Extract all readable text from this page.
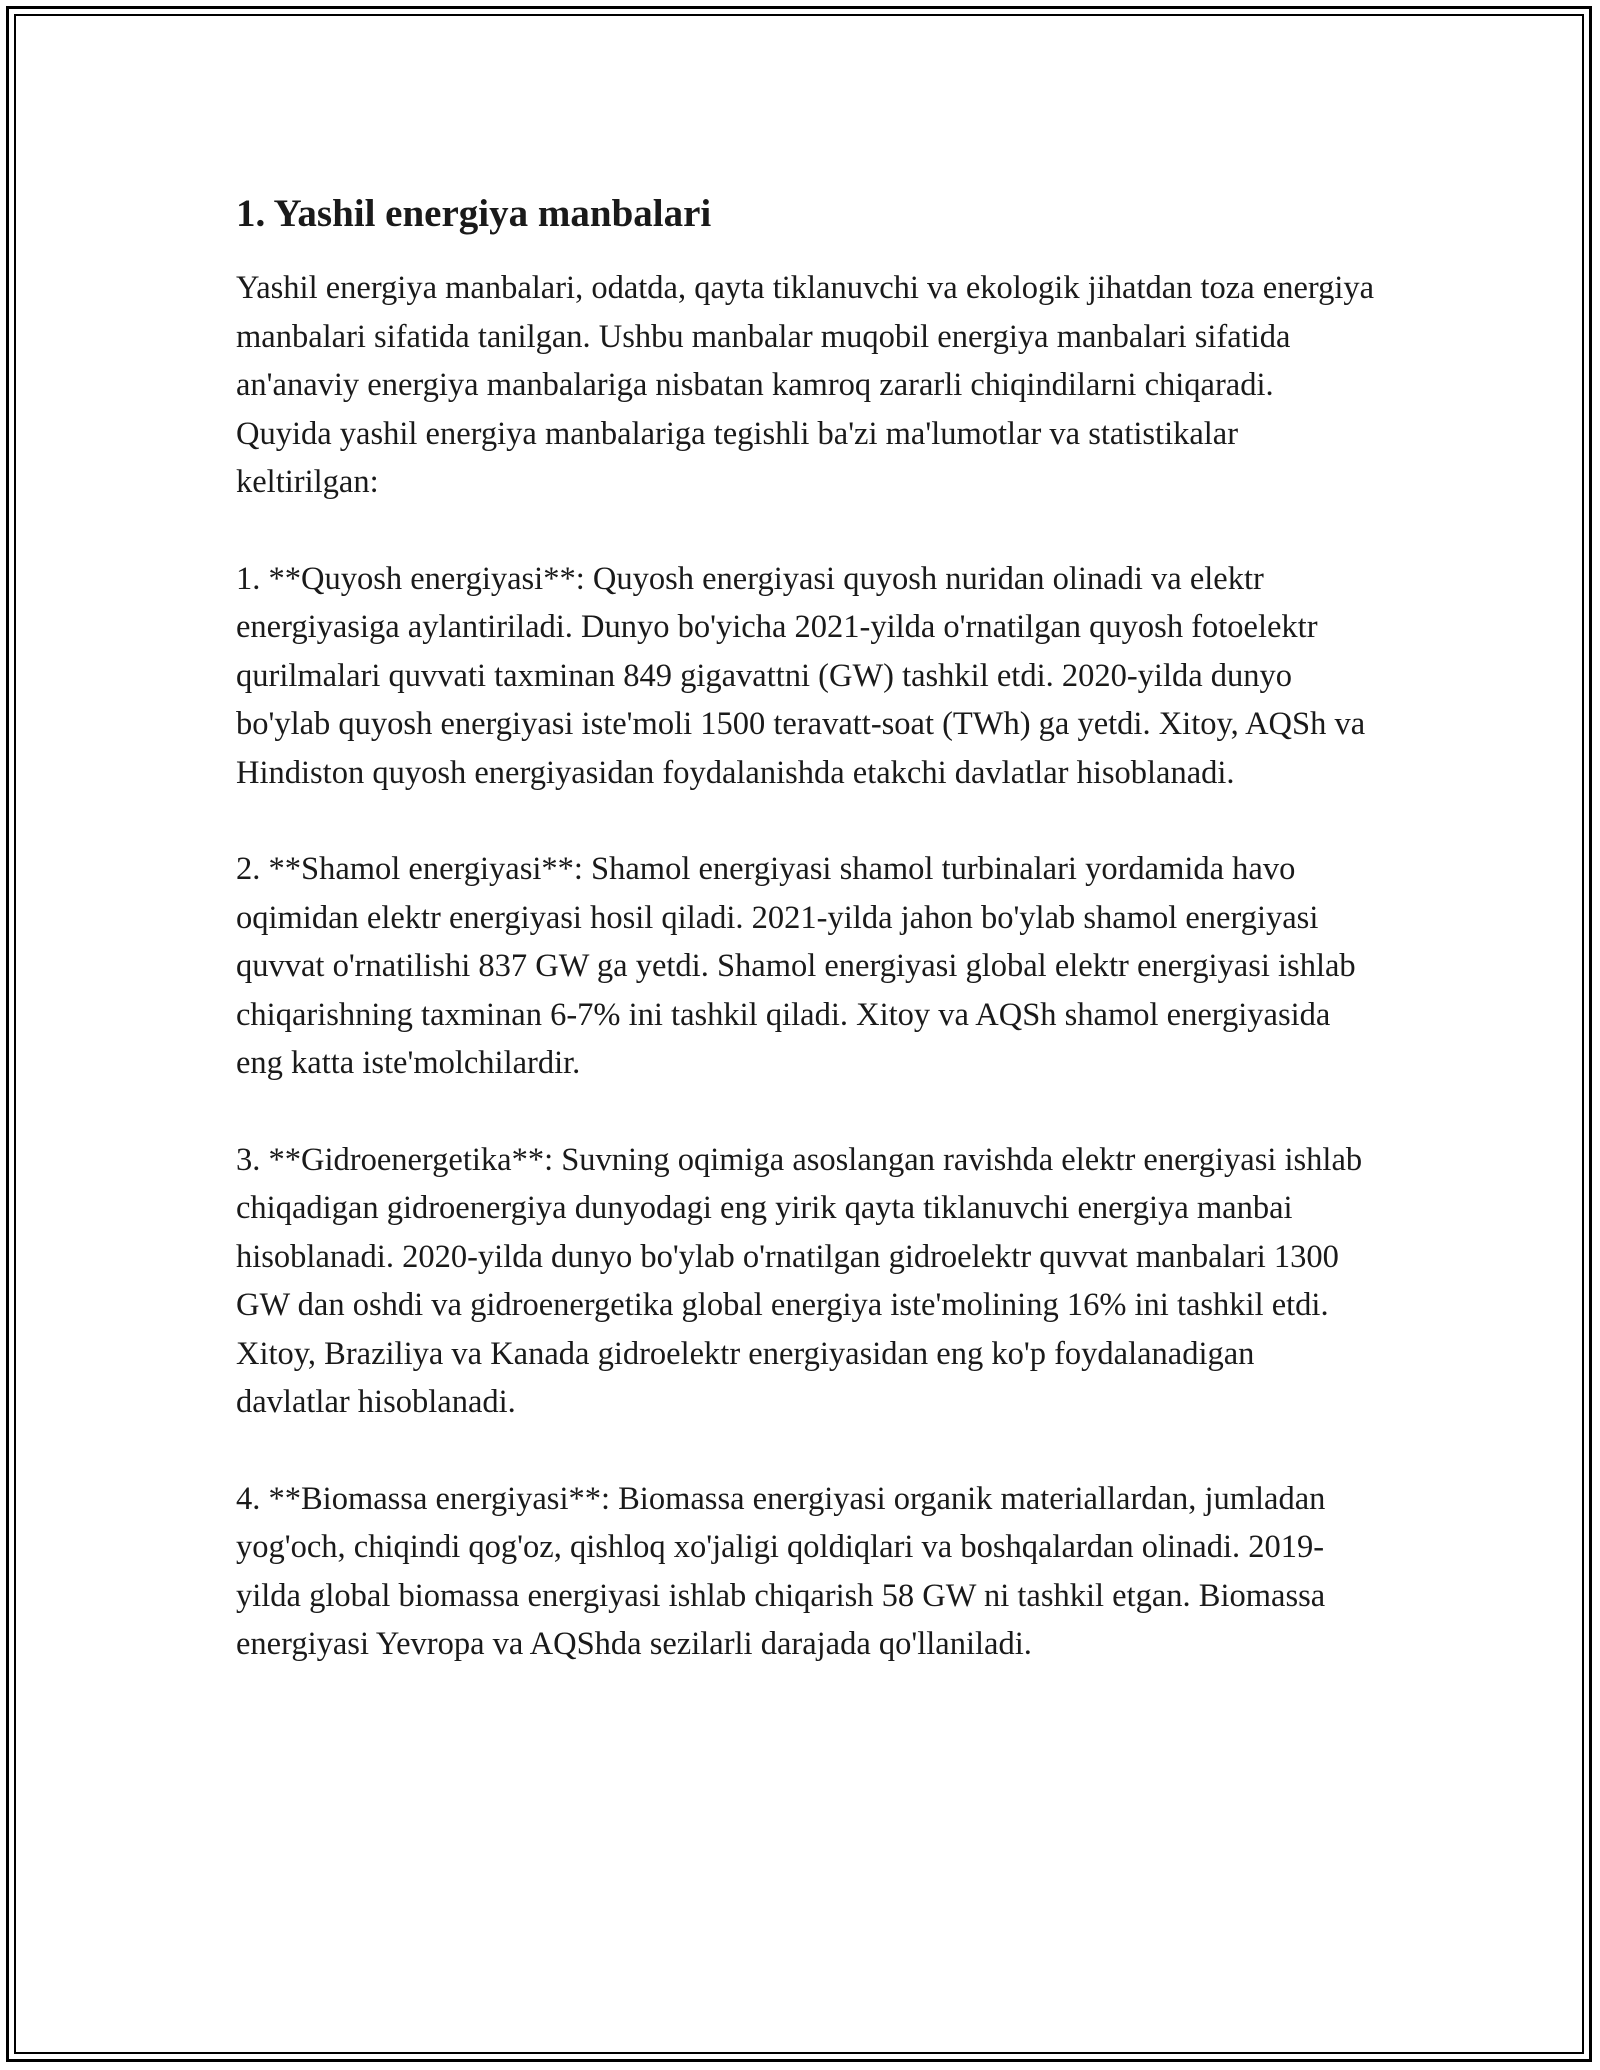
1. Yashil energiya manbalari

Yashil energiya manbalari, odatda, qayta tiklanuvchi va ekologik jihatdan toza energiya manbalari sifatida tanilgan. Ushbu manbalar muqobil energiya manbalari sifatida an'anaviy energiya manbalariga nisbatan kamroq zararli chiqindilarni chiqaradi. Quyida yashil energiya manbalariga tegishli ba'zi ma'lumotlar va statistikalar keltirilgan:

1. **Quyosh energiyasi**: Quyosh energiyasi quyosh nuridan olinadi va elektr energiyasiga aylantiriladi. Dunyo bo'yicha 2021-yilda o'rnatilgan quyosh fotoelektr qurilmalari quvvati taxminan 849 gigavattni (GW) tashkil etdi. 2020-yilda dunyo bo'ylab quyosh energiyasi iste'moli 1500 teravatt-soat (TWh) ga yetdi. Xitoy, AQSh va Hindiston quyosh energiyasidan foydalanishda etakchi davlatlar hisoblanadi.

2. **Shamol energiyasi**: Shamol energiyasi shamol turbinalari yordamida havo oqimidan elektr energiyasi hosil qiladi. 2021-yilda jahon bo'ylab shamol energiyasi quvvat o'rnatilishi 837 GW ga yetdi. Shamol energiyasi global elektr energiyasi ishlab chiqarishning taxminan 6-7% ini tashkil qiladi. Xitoy va AQSh shamol energiyasida eng katta iste'molchilardir.

3. **Gidroenergetika**: Suvning oqimiga asoslangan ravishda elektr energiyasi ishlab chiqadigan gidroenergiya dunyodagi eng yirik qayta tiklanuvchi energiya manbai hisoblanadi. 2020-yilda dunyo bo'ylab o'rnatilgan gidroelektr quvvat manbalari 1300 GW dan oshdi va gidroenergetika global energiya iste'molining 16% ini tashkil etdi. Xitoy, Braziliya va Kanada gidroelektr energiyasidan eng ko'p foydalanadigan davlatlar hisoblanadi.

4. **Biomassa energiyasi**: Biomassa energiyasi organik materiallardan, jumladan yog'och, chiqindi qog'oz, qishloq xo'jaligi qoldiqlari va boshqalardan olinadi. 2019-yilda global biomassa energiyasi ishlab chiqarish 58 GW ni tashkil etgan. Biomassa energiyasi Yevropa va AQShda sezilarli darajada qo'llaniladi.
